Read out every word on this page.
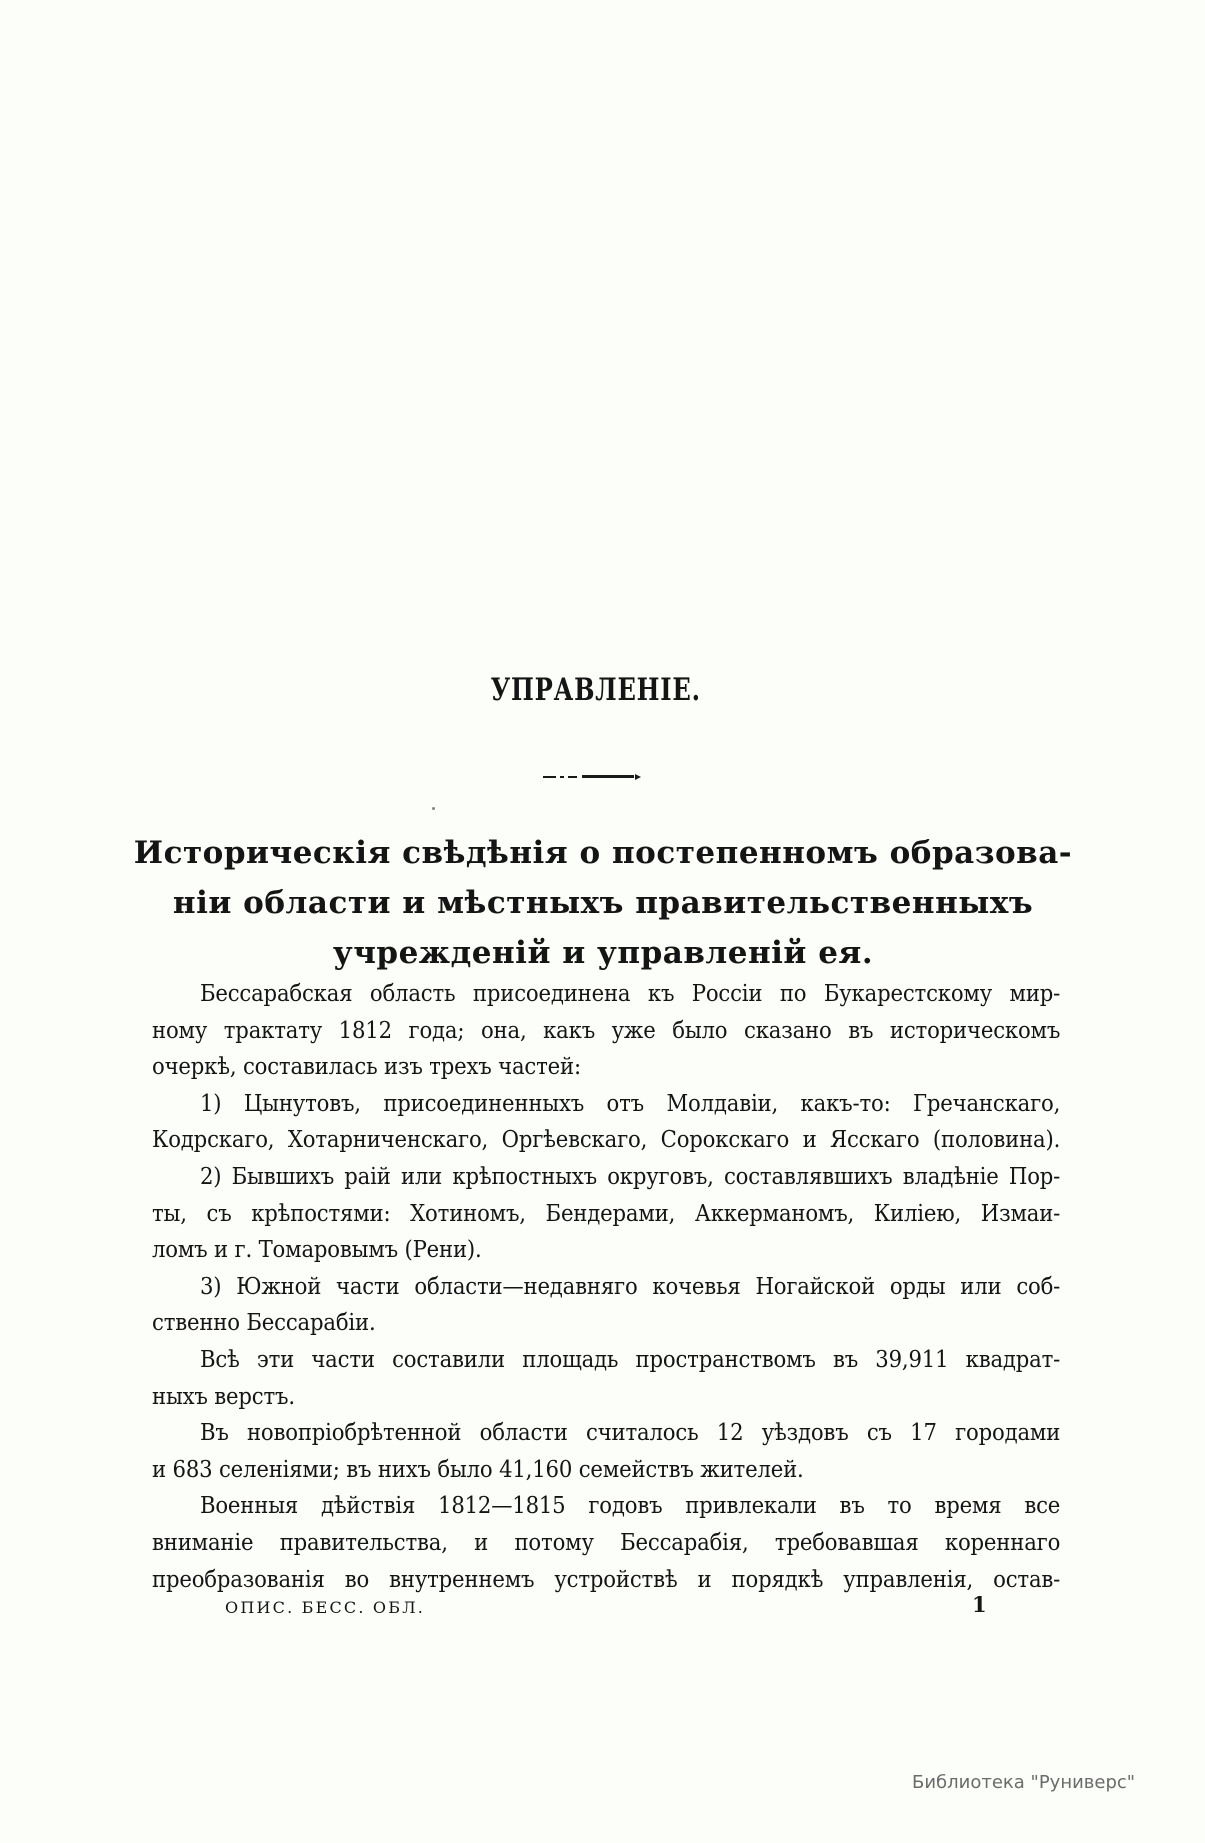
УПРАВЛЕНІЕ.
Историческія свѣдѣнія о постепенномъ образова-
ніи области и мѣстныхъ правительственныхъ
учрежденій и управленій ея.
Бессарабская область присоединена къ Россіи по Букарестскому мир-
ному трактату 1812 года; она, какъ уже было сказано въ историческомъ
очеркѣ, составилась изъ трехъ частей:
1) Цынутовъ, присоединенныхъ отъ Молдавіи, какъ-то: Гречанскаго,
Кодрскаго, Хотарниченскаго, Оргѣевскаго, Сорокскаго и Ясскаго (половина).
2) Бывшихъ раій или крѣпостныхъ округовъ, составлявшихъ владѣніе Пор-
ты, съ крѣпостями: Хотиномъ, Бендерами, Аккерманомъ, Киліею, Измаи-
ломъ и г. Томаровымъ (Рени).
3) Южной части области—недавняго кочевья Ногайской орды или соб-
ственно Бессарабіи.
Всѣ эти части составили площадь пространствомъ въ 39,911 квадрат-
ныхъ верстъ.
Въ новопріобрѣтенной области считалось 12 уѣздовъ съ 17 городами
и 683 селеніями; въ нихъ было 41,160 семействъ жителей.
Военныя дѣйствія 1812—1815 годовъ привлекали въ то время все
вниманіе правительства, и потому Бессарабія, требовавшая кореннаго
преобразованія во внутреннемъ устройствѣ и порядкѣ управленія, остав-
ОПИС. БЕСС. ОБЛ.	1
Библиотека "Руниверс"
